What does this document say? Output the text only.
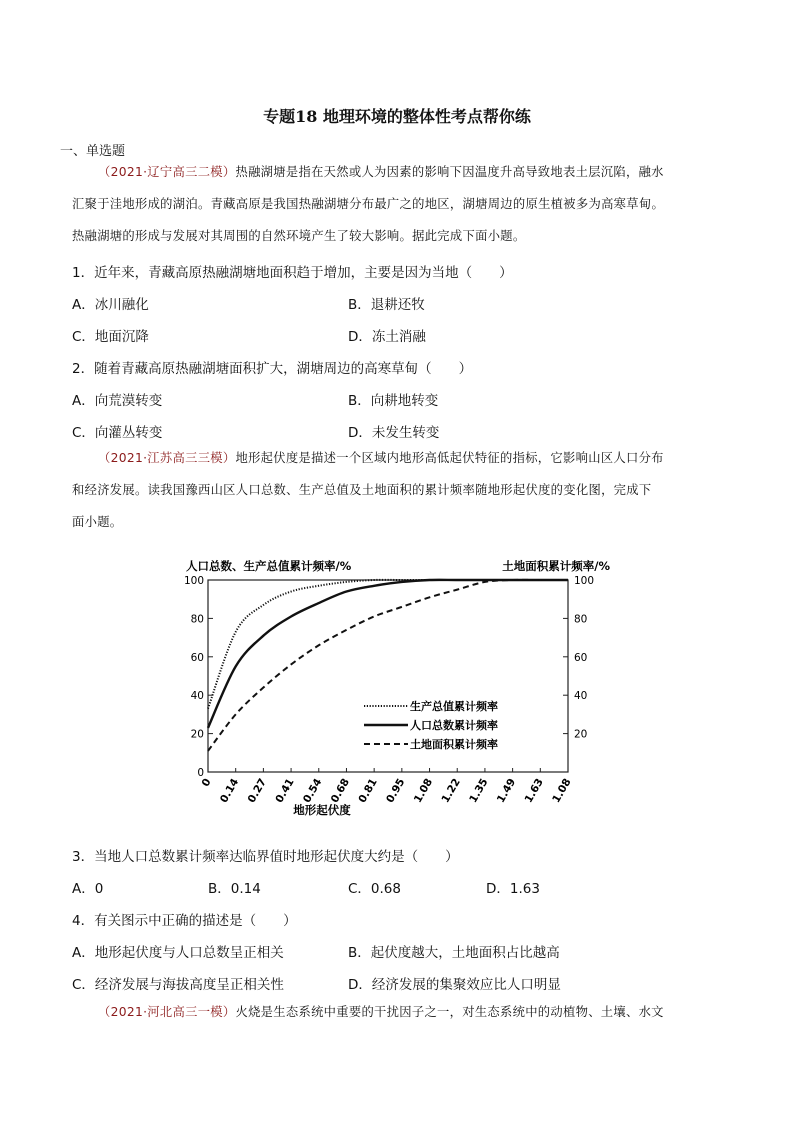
专题18 地理环境的整体性考点帮你练
一、单选题
（2021·辽宁高三二模）热融湖塘是指在天然或人为因素的影响下因温度升高导致地表土层沉陷，融水
汇聚于洼地形成的湖泊。青藏高原是我国热融湖塘分布最广之的地区，湖塘周边的原生植被多为高寒草甸。
热融湖塘的形成与发展对其周围的自然环境产生了较大影响。据此完成下面小题。
1．近年来，青藏高原热融湖塘地面积趋于增加，主要是因为当地（　　）
A．冰川融化	B．退耕还牧
C．地面沉降	D．冻土消融
2．随着青藏高原热融湖塘面积扩大，湖塘周边的高寒草甸（　　）
A．向荒漠转变	B．向耕地转变
C．向灌丛转变	D．未发生转变
（2021·江苏高三三模）地形起伏度是描述一个区域内地形高低起伏特征的指标，它影响山区人口分布
和经济发展。读我国豫西山区人口总数、生产总值及土地面积的累计频率随地形起伏度的变化图，完成下
面小题。
人口总数、生产总值累计频率/%	土地面积累计频率/%
地形起伏度
0
20
40
60
80
100
20
40
60
80
100
0 0.14 0.27 0.41 0.54 0.68 0.81 0.95 1.08 1.22 1.35 1.49 1.63 1.08
生产总值累计频率
人口总数累计频率
土地面积累计频率
3．当地人口总数累计频率达临界值时地形起伏度大约是（　　）
A．0	B．0.14	C．0.68	D．1.63
4．有关图示中正确的描述是（　　）
A．地形起伏度与人口总数呈正相关	B．起伏度越大，土地面积占比越高
C．经济发展与海拔高度呈正相关性	D．经济发展的集聚效应比人口明显
（2021·河北高三一模）火烧是生态系统中重要的干扰因子之一，对生态系统中的动植物、土壤、水文
